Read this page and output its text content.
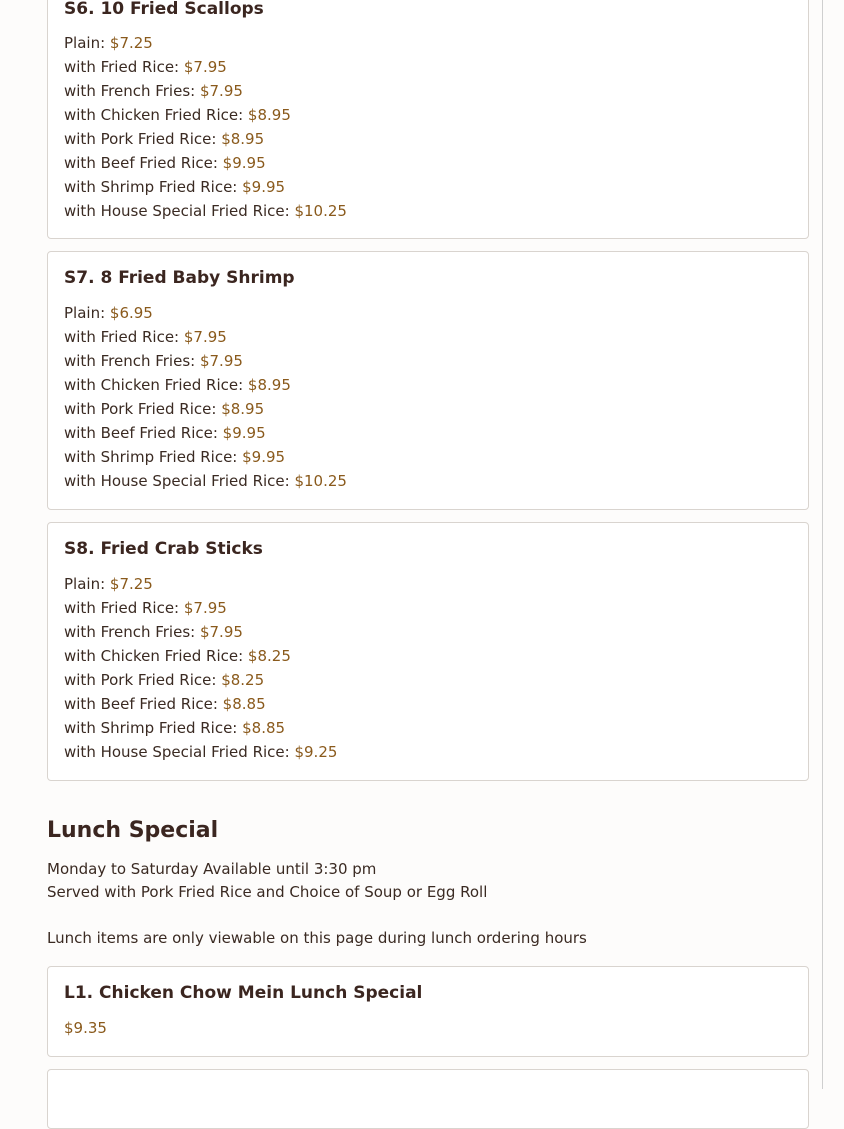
S6. 10 Fried Scallops
Plain: $7.25
with Fried Rice: $7.95
with French Fries: $7.95
with Chicken Fried Rice: $8.95
with Pork Fried Rice: $8.95
with Beef Fried Rice: $9.95
with Shrimp Fried Rice: $9.95
with House Special Fried Rice: $10.25
S7. 8 Fried Baby Shrimp
Plain: $6.95
with Fried Rice: $7.95
with French Fries: $7.95
with Chicken Fried Rice: $8.95
with Pork Fried Rice: $8.95
with Beef Fried Rice: $9.95
with Shrimp Fried Rice: $9.95
with House Special Fried Rice: $10.25
S8. Fried Crab Sticks
Plain: $7.25
with Fried Rice: $7.95
with French Fries: $7.95
with Chicken Fried Rice: $8.25
with Pork Fried Rice: $8.25
with Beef Fried Rice: $8.85
with Shrimp Fried Rice: $8.85
with House Special Fried Rice: $9.25
Lunch Special
Monday to Saturday Available until 3:30 pm
Served with Pork Fried Rice and Choice of Soup or Egg Roll
Lunch items are only viewable on this page during lunch ordering hours
L1. Chicken Chow Mein Lunch Special
$9.35
